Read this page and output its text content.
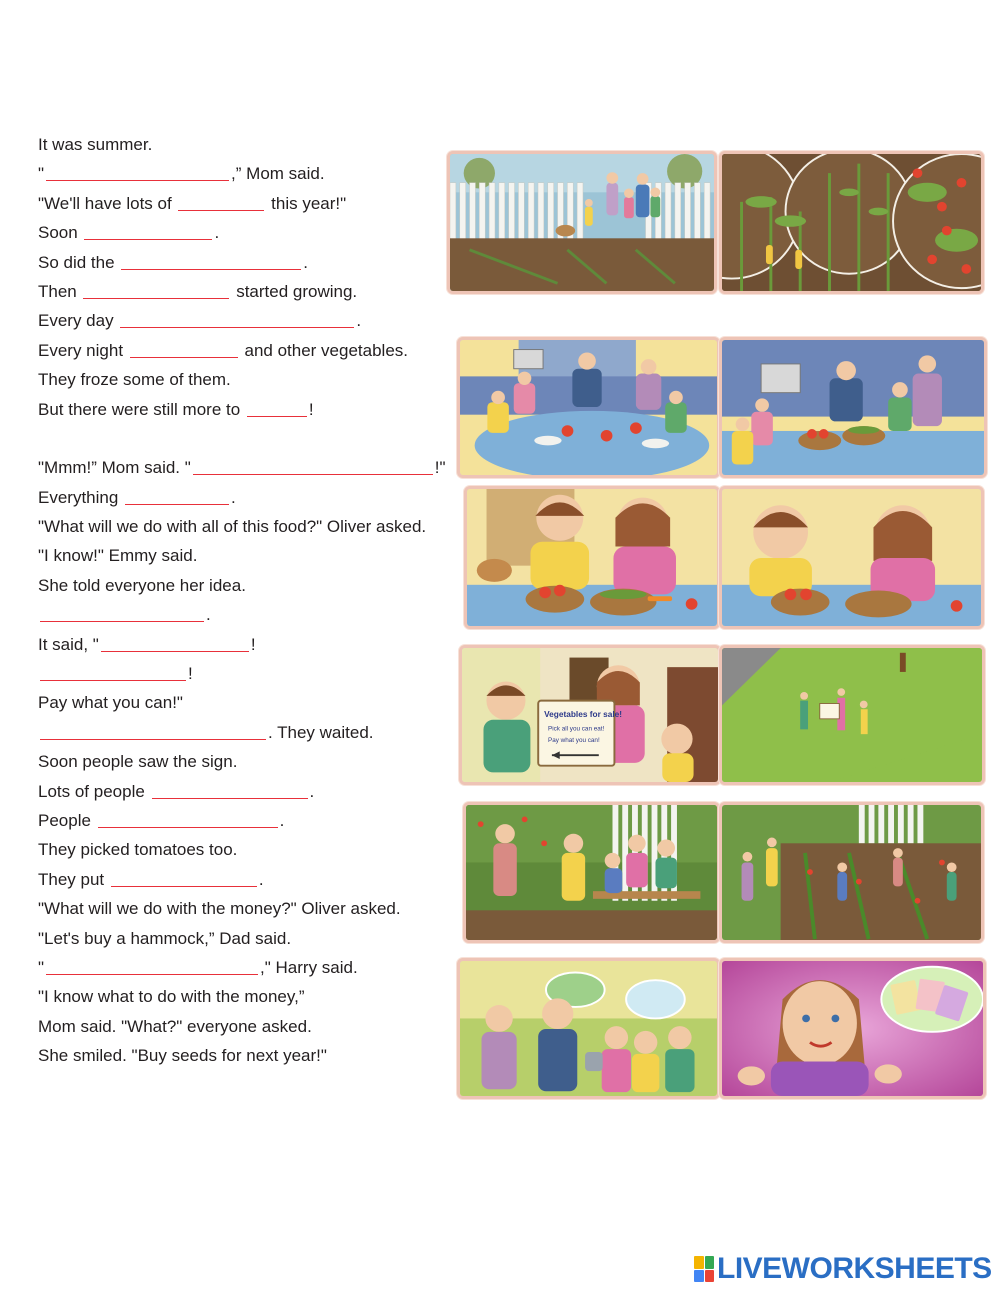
It was summer.
"	,” Mom said.
"We'll have lots of	this year!"
Soon	.
So did the	.
Then	started growing.
Every day	.
Every night	and other vegetables.
They froze some of them.
But there were still more to	!
"Mmm!” Mom said. "	!"
Everything	.
"What will we do with all of this food?" Oliver asked.
"I know!" Emmy said.
She told everyone her idea.
.
It said, "	!
!
Pay what you can!"
. They waited.
Soon people saw the sign.
Lots of people	.
People	.
They picked tomatoes too.
They put	.
"What will we do with the money?" Oliver asked.
"Let's buy a hammock,” Dad said.
"	," Harry said.
"I know what to do with the money,”
Mom said. "What?" everyone asked.
She smiled. "Buy seeds for next year!"
Vegetables for sale!
Pick all you can eat!
Pay what you can!
LIVEWORKSHEETS
